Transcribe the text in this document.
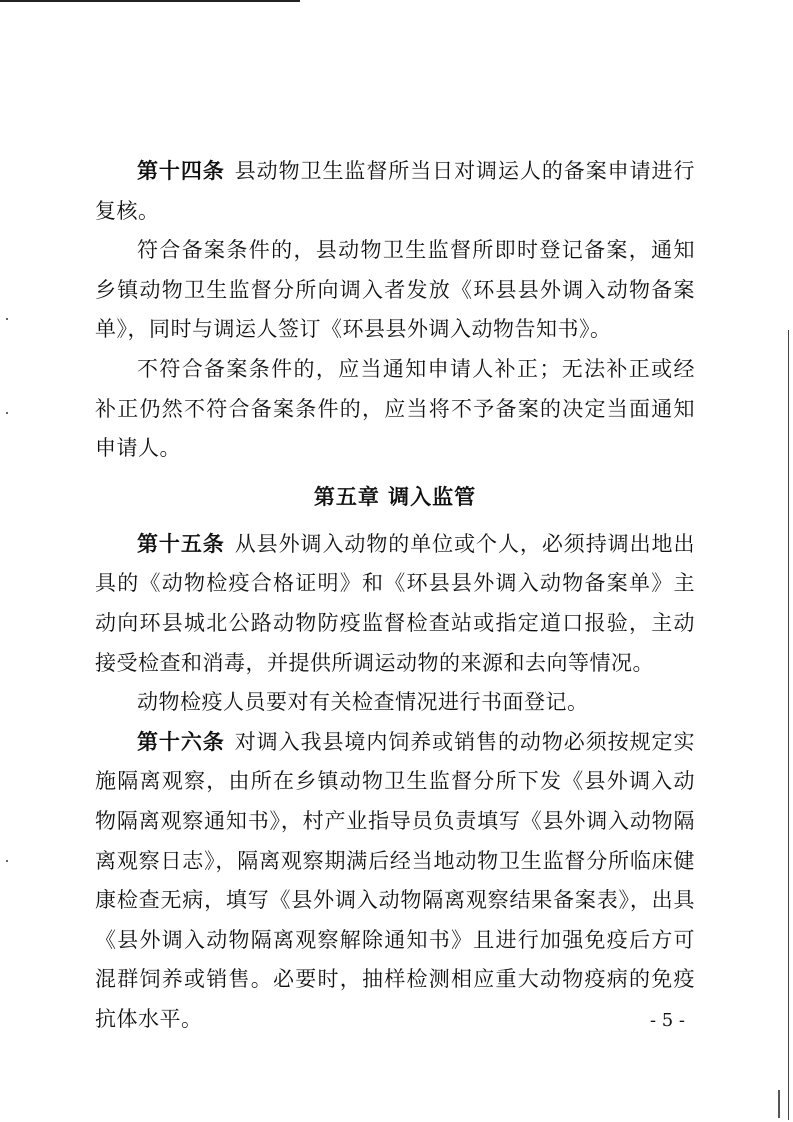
第十四条 县动物卫生监督所当日对调运人的备案申请进行复核。

符合备案条件的，县动物卫生监督所即时登记备案，通知乡镇动物卫生监督分所向调入者发放《环县县外调入动物备案单》，同时与调运人签订《环县县外调入动物告知书》。

不符合备案条件的，应当通知申请人补正；无法补正或经补正仍然不符合备案条件的，应当将不予备案的决定当面通知申请人。

第五章 调入监管

第十五条 从县外调入动物的单位或个人，必须持调出地出具的《动物检疫合格证明》和《环县县外调入动物备案单》主动向环县城北公路动物防疫监督检查站或指定道口报验，主动接受检查和消毒，并提供所调运动物的来源和去向等情况。

动物检疫人员要对有关检查情况进行书面登记。

第十六条 对调入我县境内饲养或销售的动物必须按规定实施隔离观察，由所在乡镇动物卫生监督分所下发《县外调入动物隔离观察通知书》，村产业指导员负责填写《县外调入动物隔离观察日志》，隔离观察期满后经当地动物卫生监督分所临床健康检查无病，填写《县外调入动物隔离观察结果备案表》，出具《县外调入动物隔离观察解除通知书》且进行加强免疫后方可混群饲养或销售。必要时，抽样检测相应重大动物疫病的免疫抗体水平。	- 5 -
